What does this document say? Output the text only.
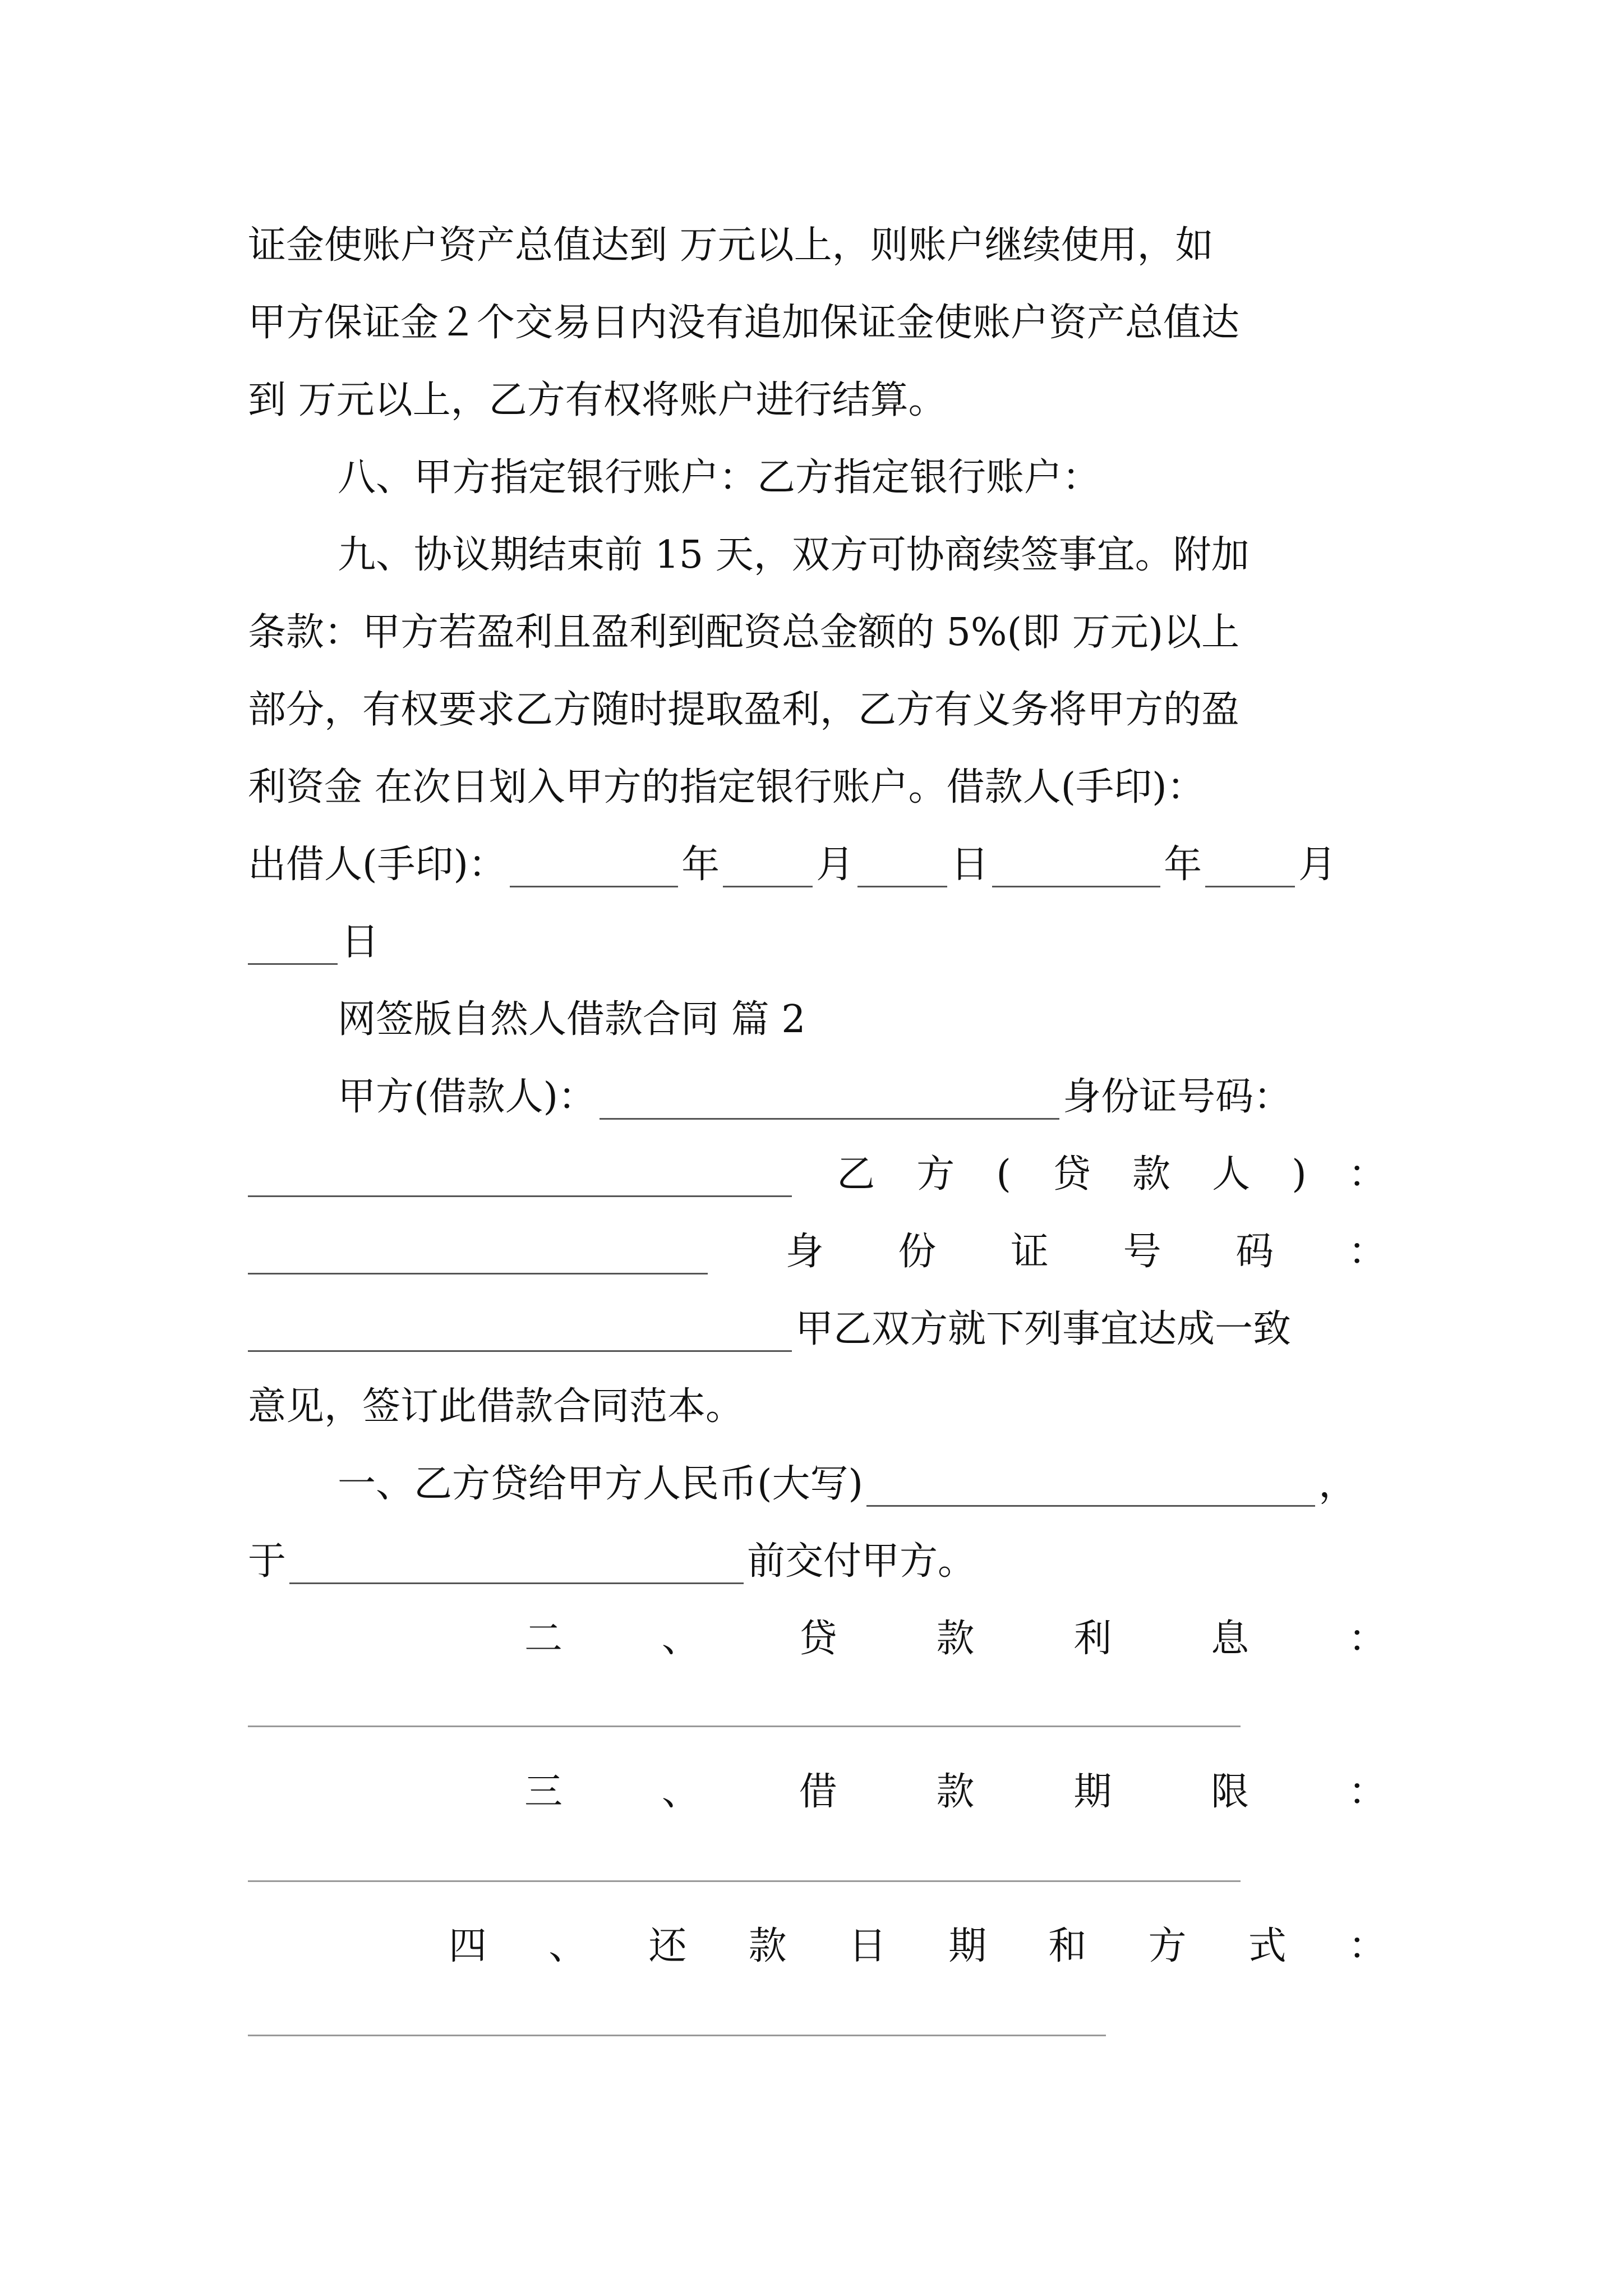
证金使账户资产总值达到 万元以上，则账户继续使用，如
甲方保证金２个交易日内没有追加保证金使账户资产总值达
到 万元以上，乙方有权将账户进行结算。
八、甲方指定银行账户：乙方指定银行账户：
九、协议期结束前 15 天，双方可协商续签事宜。附加
条款：甲方若盈利且盈利到配资总金额的 5%(即 万元)以上
部分，有权要求乙方随时提取盈利，乙方有义务将甲方的盈
利资金 在次日划入甲方的指定银行账户。借款人(手印)：
出借人(手印)：	年	月	日	年	月
日
网签版自然人借款合同 篇 2
甲方(借款人)：	身份证号码：
乙 方 ( 贷 款 人 ) ：
身 份 证 号 码 ：
甲乙双方就下列事宜达成一致
意见，签订此借款合同范本。
一、乙方贷给甲方人民币(大写)	，
于	前交付甲方。
二	、	贷	款	利	息	：
三	、	借	款	期	限	：
四 、 还 款 日 期 和 方 式 ：
